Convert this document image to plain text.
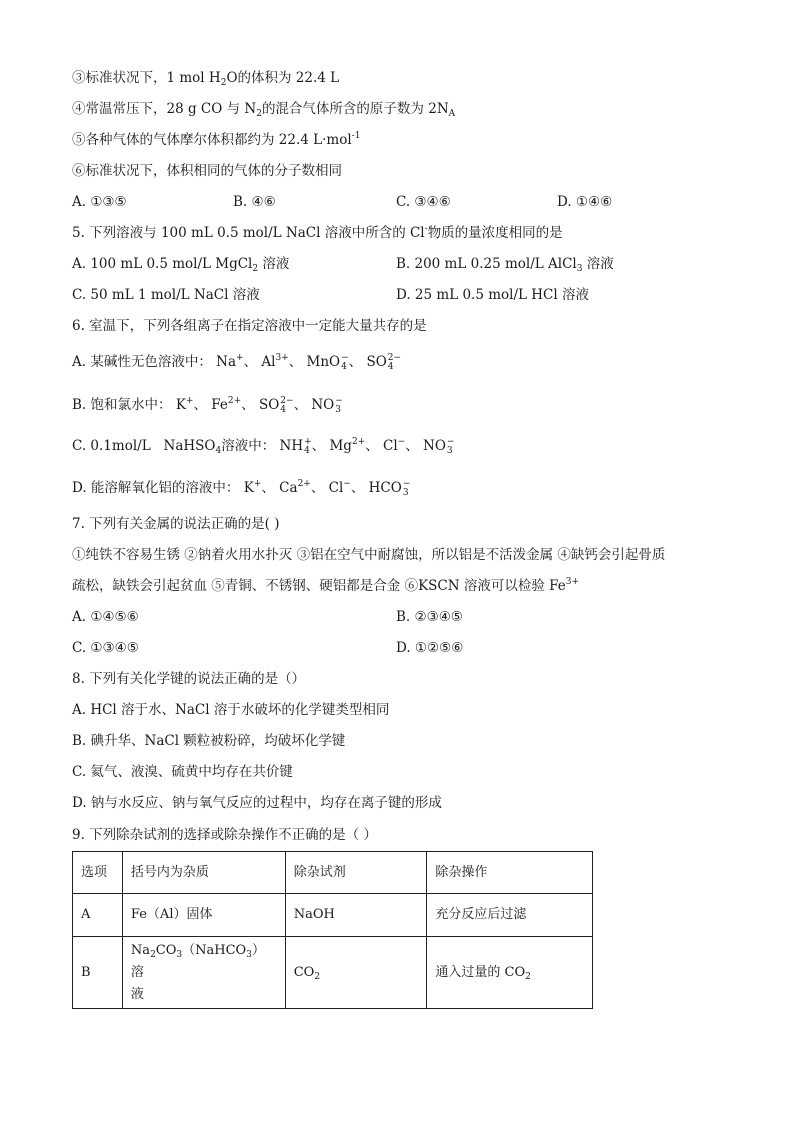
③标准状况下，1 mol $H_2O$的体积为 22.4 L
④常温常压下，28 g CO 与 $N_2$的混合气体所含的原子数为 $2N_A$
⑤各种气体的气体摩尔体积都约为 22.4 L·mol$^{-1}$
⑥标准状况下，体积相同的气体的分子数相同
A. ①③⑤	B. ④⑥	C. ③④⑥	D. ①④⑥
5. 下列溶液与 100 mL 0.5 mol/L NaCl 溶液中所含的 Cl-物质的量浓度相同的是
A. 100 mL 0.5 mol/L MgCl$_2$ 溶液	B. 200 mL 0.25 mol/L AlCl$_3$ 溶液
C. 50 mL 1 mol/L NaCl 溶液	D. 25 mL 0.5 mol/L HCl 溶液
6. 室温下，下列各组离子在指定溶液中一定能大量共存的是
A. 某碱性无色溶液中： Na+、 $Al^{3+}$、 MnO −
4 、 SO 2−
4
B. 饱和氯水中： K+、 $Fe^{2+}$、 SO 2−
4 、 NO −
3
C. 0.1mol/L NaHSO$_4$溶液中： NH +
4 、 $Mg^{2+}$、 Cl−、 NO −
3
D. 能溶解氧化铝的溶液中： K+、 $Ca^{2+}$、 Cl−、 HCO −
3
7. 下列有关金属的说法正确的是( )
①纯铁不容易生锈 ②钠着火用水扑灭 ③铝在空气中耐腐蚀，所以铝是不活泼金属 ④缺钙会引起骨质
疏松，缺铁会引起贫血 ⑤青铜、不锈钢、硬铝都是合金 ⑥KSCN 溶液可以检验 $Fe^{3+}$
A. ①④⑤⑥	B. ②③④⑤
C. ①③④⑤	D. ①②⑤⑥
8. 下列有关化学键的说法正确的是（）
A. HCl 溶于水、NaCl 溶于水破坏的化学键类型相同
B. 碘升华、NaCl 颗粒被粉碎，均破坏化学键
C. 氦气、液溴、硫黄中均存在共价键
D. 钠与水反应、钠与氧气反应的过程中，均存在离子键的形成
9. 下列除杂试剂的选择或除杂操作不正确的是（ ）
选项	括号内为杂质	除杂试剂	除杂操作
A	Fe（Al）固体	NaOH	充分反应后过滤
B	$Na_2CO_3(NaHCO_3)$溶
液	$CO_2$	通入过量的 $CO_2$
